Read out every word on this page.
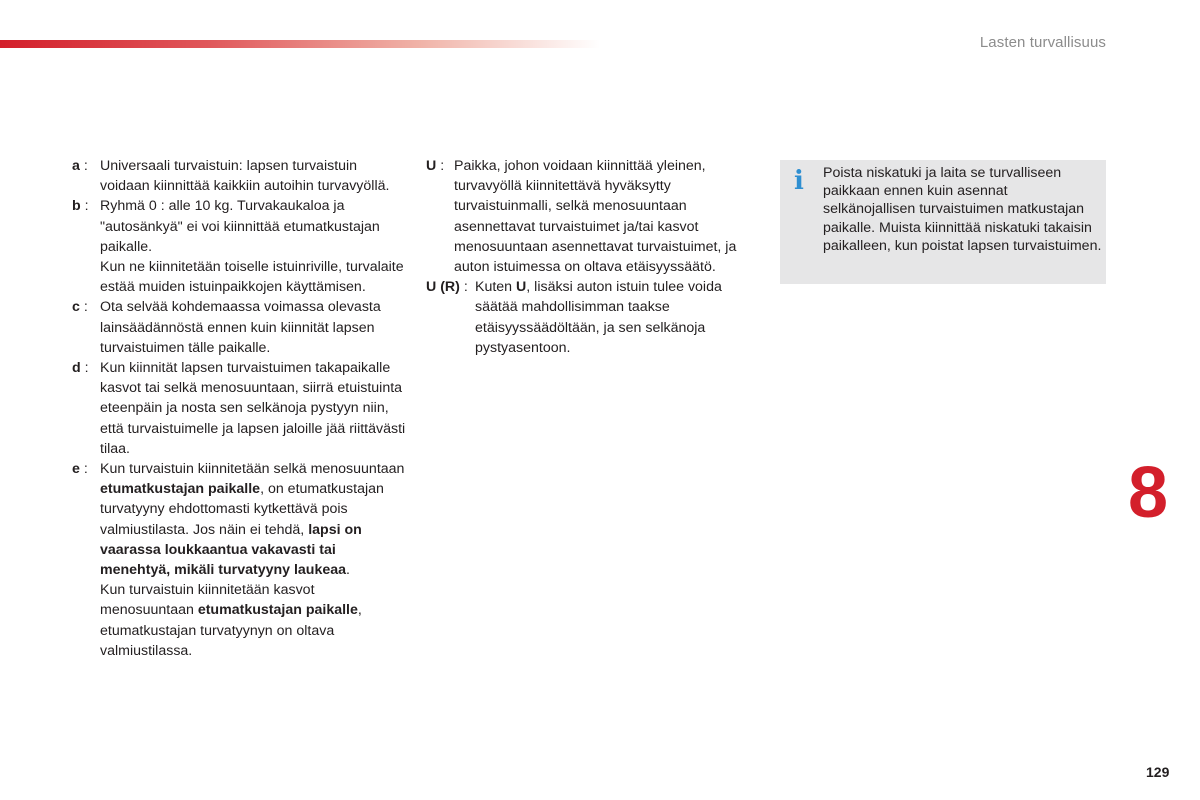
Lasten turvallisuus
a : Universaali turvaistuin: lapsen turvaistuin voidaan kiinnittää kaikkiin autoihin turvavyöllä.
b : Ryhmä 0 : alle 10 kg. Turvakaukaloa ja "autosänkyä" ei voi kiinnittää etumatkustajan paikalle.
Kun ne kiinnitetään toiselle istuinriville, turvalaite estää muiden istuinpaikkojen käyttämisen.
c : Ota selvää kohdemaassa voimassa olevasta lainsäädännöstä ennen kuin kiinnität lapsen turvaistuimen tälle paikalle.
d : Kun kiinnität lapsen turvaistuimen takapaikalle kasvot tai selkä menosuuntaan, siirrä etuistuinta eteenpäin ja nosta sen selkänoja pystyyn niin, että turvaistuimelle ja lapsen jaloille jää riittävästi tilaa.
e : Kun turvaistuin kiinnitetään selkä menosuuntaan etumatkustajan paikalle, on etumatkustajan turvatyyny ehdottomasti kytkettävä pois valmiustilasta. Jos näin ei tehdä, lapsi on vaarassa loukkaantua vakavasti tai menehtyä, mikäli turvatyyny laukeaa.
Kun turvaistuin kiinnitetään kasvot menosuuntaan etumatkustajan paikalle, etumatkustajan turvatyynyn on oltava valmiustilassa.
U : Paikka, johon voidaan kiinnittää yleinen, turvavyöllä kiinnitettävä hyväksytty turvaistuinmalli, selkä menosuuntaan asennettavat turvaistuimet ja/tai kasvot menosuuntaan asennettavat turvaistuimet, ja auton istuimessa on oltava etäisyyssäätö.
U (R) : Kuten U, lisäksi auton istuin tulee voida säätää mahdollisimman taakse etäisyyssäädöltään, ja sen selkänoja pystyasentoon.
i Poista niskatuki ja laita se turvalliseen paikkaan ennen kuin asennat selkänojallisen turvaistuimen matkustajan paikalle. Muista kiinnittää niskatuki takaisin paikalleen, kun poistat lapsen turvaistuimen.
8
129
